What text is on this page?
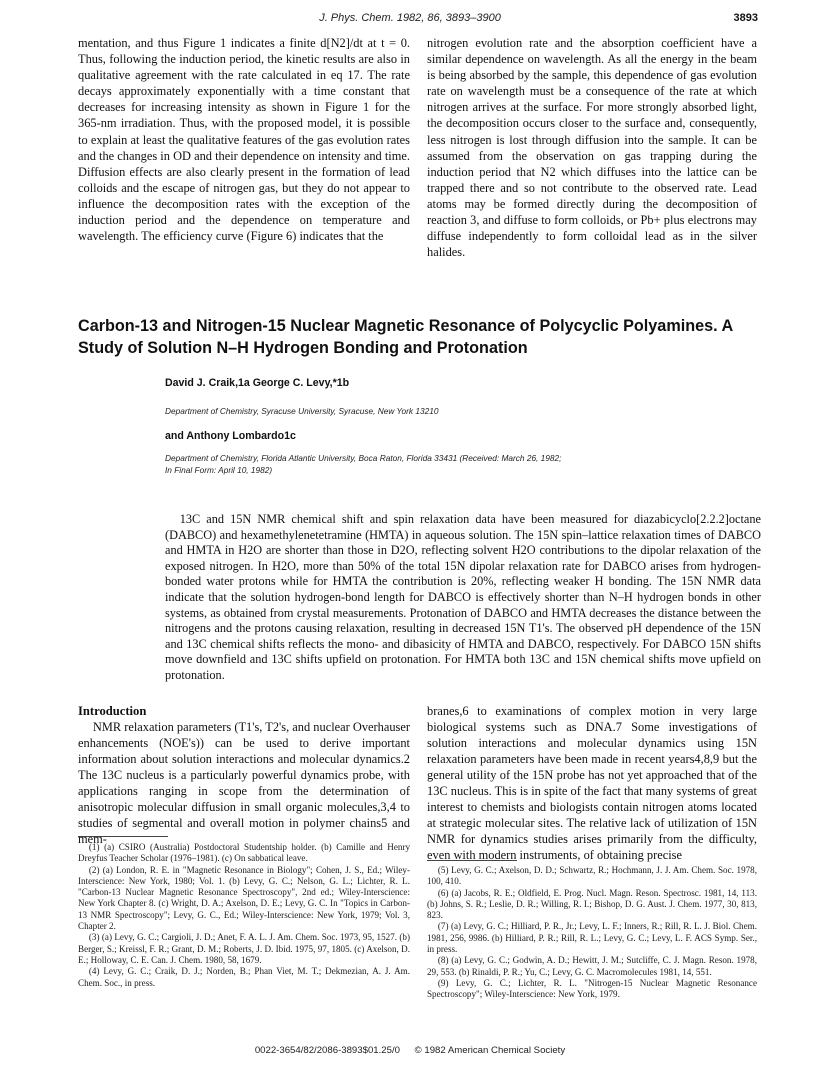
J. Phys. Chem. 1982, 86, 3893–3900	3893

mentation, and thus Figure 1 indicates a finite d[N2]/dt at t = 0. Thus, following the induction period, the kinetic results are also in qualitative agreement with the rate calculated in eq 17. The rate decays approximately exponentially with a time constant that decreases for increasing intensity as shown in Figure 1 for the 365-nm irradiation. Thus, with the proposed model, it is possible to explain at least the qualitative features of the gas evolution rates and the changes in OD and their dependence on intensity and time. Diffusion effects are also clearly present in the formation of lead colloids and the escape of nitrogen gas, but they do not appear to influence the decomposition rates with the exception of the induction period and the dependence on temperature and wavelength. The efficiency curve (Figure 6) indicates that the

nitrogen evolution rate and the absorption coefficient have a similar dependence on wavelength. As all the energy in the beam is being absorbed by the sample, this dependence of gas evolution rate on wavelength must be a consequence of the rate at which nitrogen arrives at the surface. For more strongly absorbed light, the decomposition occurs closer to the surface and, consequently, less nitrogen is lost through diffusion into the sample. It can be assumed from the observation on gas trapping during the induction period that N2 which diffuses into the lattice can be trapped there and so not contribute to the observed rate. Lead atoms may be formed directly during the decomposition of reaction 3, and diffuse to form colloids, or Pb+ plus electrons may diffuse independently to form colloidal lead as in the silver halides.

Carbon-13 and Nitrogen-15 Nuclear Magnetic Resonance of Polycyclic Polyamines. A Study of Solution N–H Hydrogen Bonding and Protonation
David J. Craik,1a George C. Levy,*1b
Department of Chemistry, Syracuse University, Syracuse, New York 13210
and Anthony Lombardo1c
Department of Chemistry, Florida Atlantic University, Boca Raton, Florida 33431 (Received: March 26, 1982;
In Final Form: April 10, 1982)

13C and 15N NMR chemical shift and spin relaxation data have been measured for diazabicyclo[2.2.2]octane (DABCO) and hexamethylenetetramine (HMTA) in aqueous solution. The 15N spin–lattice relaxation times of DABCO and HMTA in H2O are shorter than those in D2O, reflecting solvent H2O contributions to the dipolar relaxation of the exposed nitrogen. In H2O, more than 50% of the total 15N dipolar relaxation rate for DABCO arises from hydrogen-bonded water protons while for HMTA the contribution is 20%, reflecting weaker H bonding. The 15N NMR data indicate that the solution hydrogen-bond length for DABCO is effectively shorter than N–H hydrogen bonds in other systems, as obtained from crystal measurements. Protonation of DABCO and HMTA decreases the distance between the nitrogens and the protons causing relaxation, resulting in decreased 15N T1's. The observed pH dependence of the 15N and 13C chemical shifts reflects the mono- and dibasicity of HMTA and DABCO, respectively. For DABCO 15N shifts move downfield and 13C shifts upfield on protonation. For HMTA both 13C and 15N chemical shifts move upfield on protonation.

Introduction

NMR relaxation parameters (T1's, T2's, and nuclear Overhauser enhancements (NOE's)) can be used to derive important information about solution interactions and molecular dynamics.2 The 13C nucleus is a particularly powerful dynamics probe, with applications ranging in scope from the determination of anisotropic molecular diffusion in small organic molecules,3,4 to studies of segmental and overall motion in polymer chains5 and mem-

branes,6 to examinations of complex motion in very large biological systems such as DNA.7 Some investigations of solution interactions and molecular dynamics using 15N relaxation parameters have been made in recent years4,8,9 but the general utility of the 15N probe has not yet approached that of the 13C nucleus. This is in spite of the fact that many systems of great interest to chemists and biologists contain nitrogen atoms located at strategic molecular sites. The relative lack of utilization of 15N NMR for dynamics studies arises primarily from the difficulty, even with modern instruments, of obtaining precise

(1) (a) CSIRO (Australia) Postdoctoral Studentship holder. (b) Camille and Henry Dreyfus Teacher Scholar (1976–1981). (c) On sabbatical leave.

(2) (a) London, R. E. in "Magnetic Resonance in Biology"; Cohen, J. S., Ed.; Wiley-Interscience: New York, 1980; Vol. 1. (b) Levy, G. C.; Nelson, G. L.; Lichter, R. L. "Carbon-13 Nuclear Magnetic Resonance Spectroscopy", 2nd ed.; Wiley-Interscience: New York Chapter 8. (c) Wright, D. A.; Axelson, D. E.; Levy, G. C. In "Topics in Carbon-13 NMR Spectroscopy"; Levy, G. C., Ed.; Wiley-Interscience: New York, 1979; Vol. 3, Chapter 2.

(3) (a) Levy, G. C.; Cargioli, J. D.; Anet, F. A. L. J. Am. Chem. Soc. 1973, 95, 1527. (b) Berger, S.; Kreissl, F. R.; Grant, D. M.; Roberts, J. D. Ibid. 1975, 97, 1805. (c) Axelson, D. E.; Holloway, C. E. Can. J. Chem. 1980, 58, 1679.

(4) Levy, G. C.; Craik, D. J.; Norden, B.; Phan Viet, M. T.; Dekmezian, A. J. Am. Chem. Soc., in press.

(5) Levy, G. C.; Axelson, D. D.; Schwartz, R.; Hochmann, J. J. Am. Chem. Soc. 1978, 100, 410.

(6) (a) Jacobs, R. E.; Oldfield, E. Prog. Nucl. Magn. Reson. Spectrosc. 1981, 14, 113. (b) Johns, S. R.; Leslie, D. R.; Willing, R. I.; Bishop, D. G. Aust. J. Chem. 1977, 30, 813, 823.

(7) (a) Levy, G. C.; Hilliard, P. R., Jr.; Levy, L. F.; Inners, R.; Rill, R. L. J. Biol. Chem. 1981, 256, 9986. (b) Hilliard, P. R.; Rill, R. L.; Levy, G. C.; Levy, L. F. ACS Symp. Ser., in press.

(8) (a) Levy, G. C.; Godwin, A. D.; Hewitt, J. M.; Sutcliffe, C. J. Magn. Reson. 1978, 29, 553. (b) Rinaldi, P. R.; Yu, C.; Levy, G. C. Macromolecules 1981, 14, 551.

(9) Levy, G. C.; Lichter, R. L. "Nitrogen-15 Nuclear Magnetic Resonance Spectroscopy"; Wiley-Interscience: New York, 1979.

0022-3654/82/2086-3893$01.25/0 © 1982 American Chemical Society
